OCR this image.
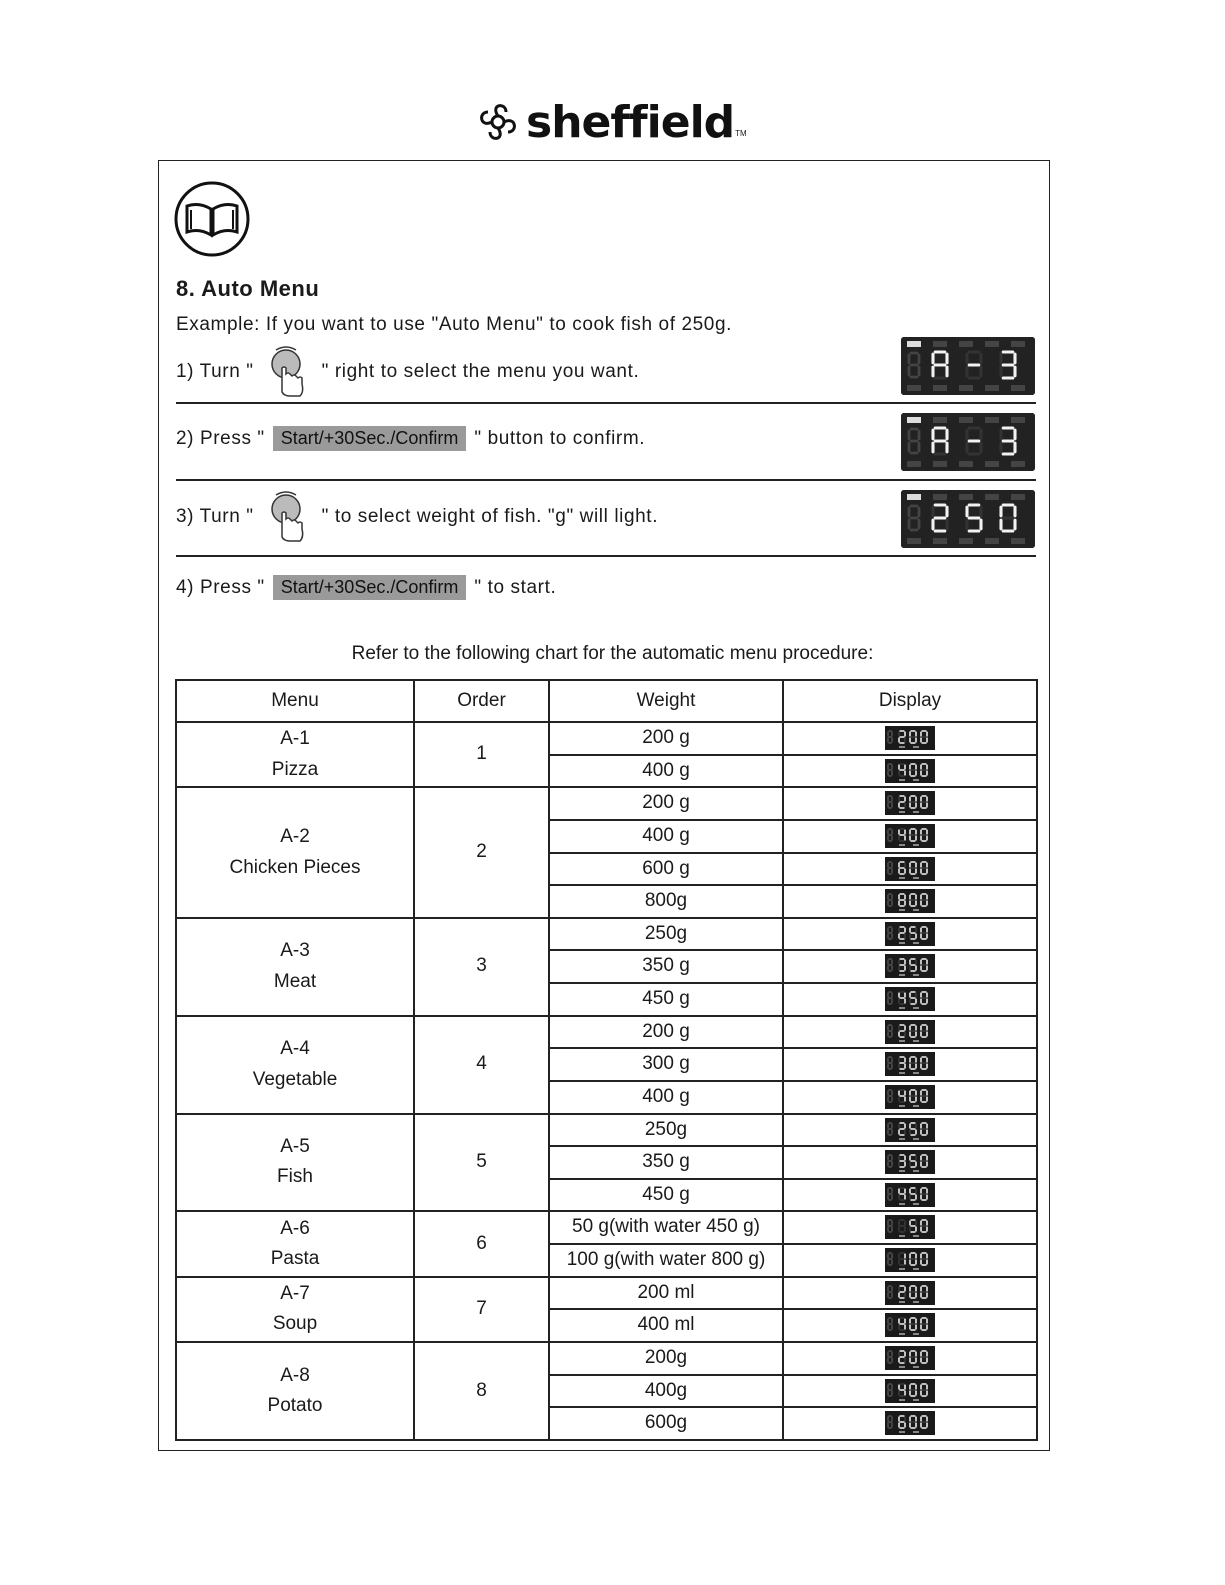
sheffield TM
8. Auto Menu
Example: If you want to use "Auto Menu" to cook fish of 250g.
1) Turn "	" right to select the menu you want.
2) Press " Start/+30Sec./Confirm " button to confirm.
3) Turn "	" to select weight of fish. "g" will light.
4) Press " Start/+30Sec./Confirm " to start.
Refer to the following chart for the automatic menu procedure:
Menu	Order	Weight	Display

A-1
Pizza	1	200 g	

		400 g	

A-2
Chicken Pieces	2	200 g	

		400 g	

		600 g	

		800g	

A-3
Meat	3	250g	

		350 g	

		450 g	

A-4
Vegetable	4	200 g	

		300 g	

		400 g	

A-5
Fish	5	250g	

		350 g	

		450 g	

A-6
Pasta	6	50 g(with water 450 g)	

		100 g(with water 800 g)	

A-7
Soup	7	200 ml	

		400 ml	

A-8
Potato	8	200g	

		400g	

		600g	
